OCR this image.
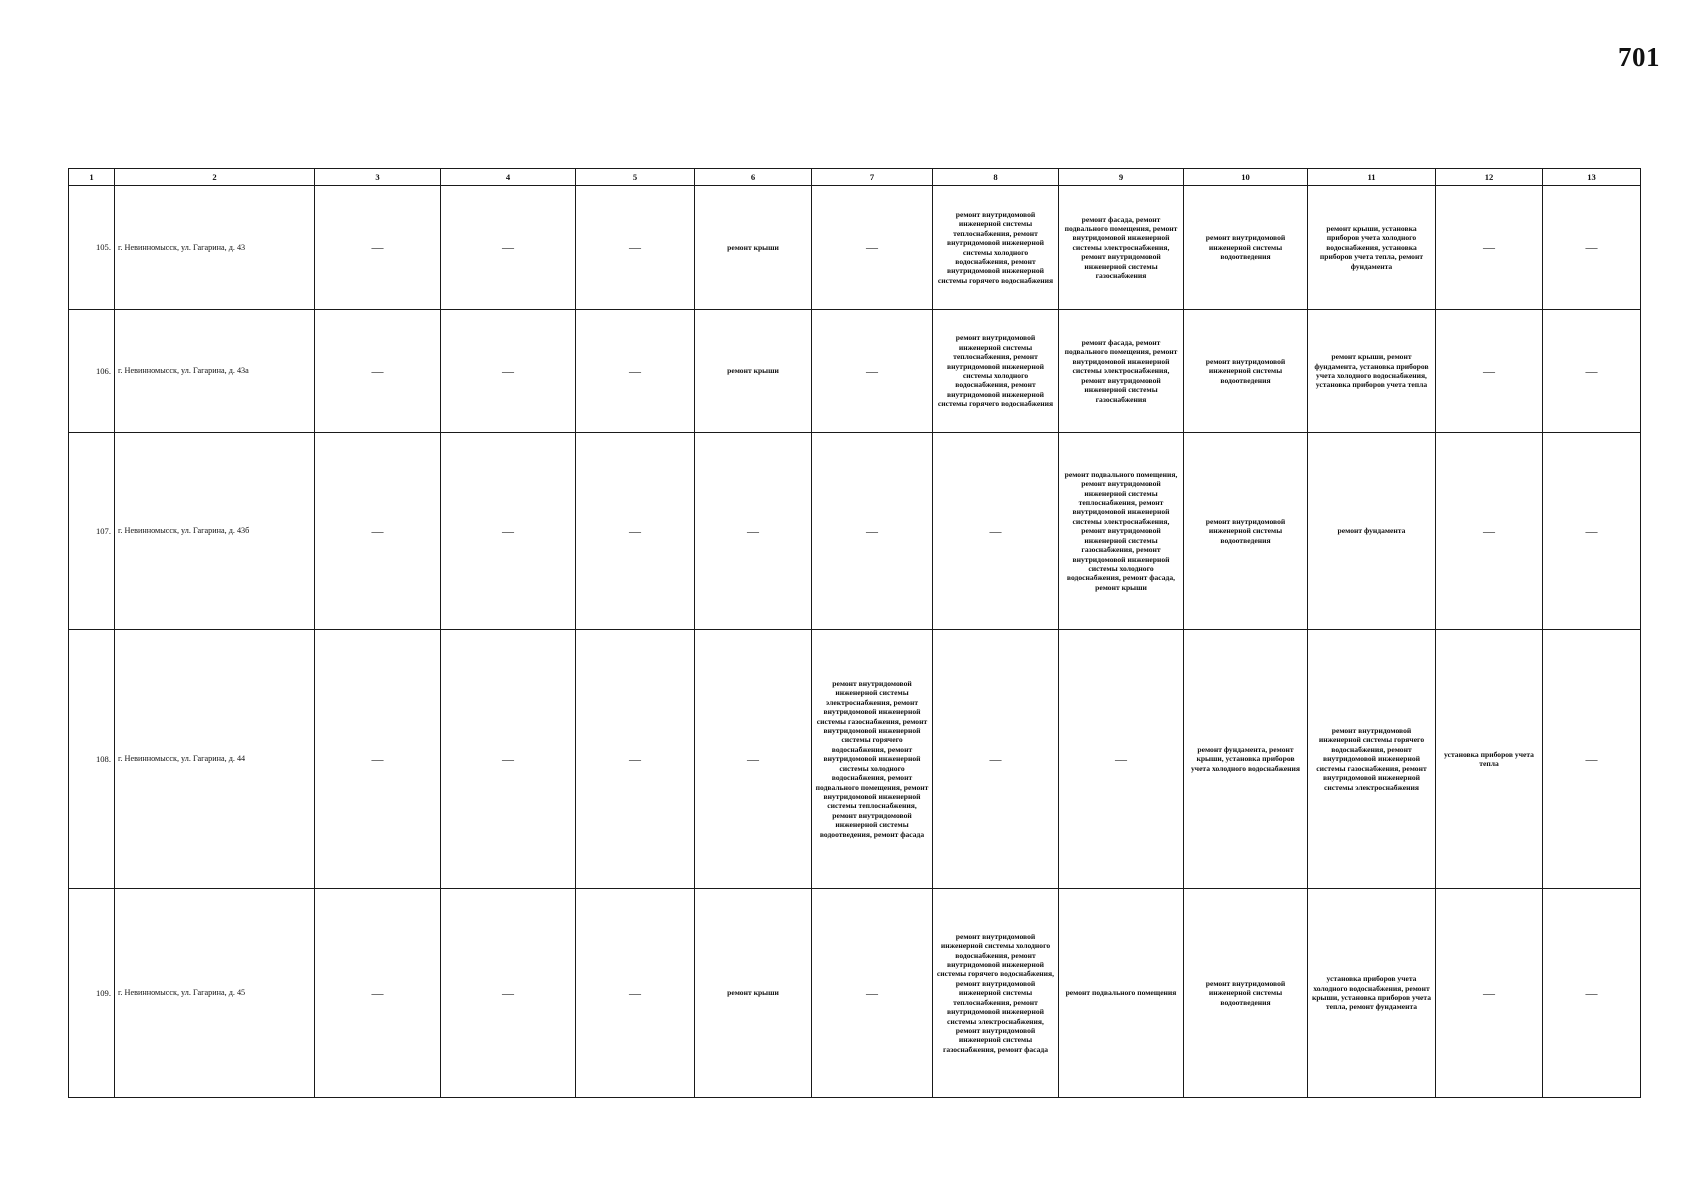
701
1	2	3	4	5	6	7	8	9	10	11	12	13
105.	г. Невинномысск, ул. Гагарина, д. 43	—	—	—	ремонт крыши	—	ремонт внутридомовой инженерной системы теплоснабжения, ремонт внутридомовой инженерной системы холодного водоснабжения, ремонт внутридомовой инженерной системы горячего водоснабжения	ремонт фасада, ремонт подвального помещения, ремонт внутридомовой инженерной системы электроснабжения, ремонт внутридомовой инженерной системы газоснабжения	ремонт внутридомовой инженерной системы водоотведения	ремонт крыши, установка приборов учета холодного водоснабжения, установка приборов учета тепла, ремонт фундамента	—	—
106.	г. Невинномысск, ул. Гагарина, д. 43а	—	—	—	ремонт крыши	—	ремонт внутридомовой инженерной системы теплоснабжения, ремонт внутридомовой инженерной системы холодного водоснабжения, ремонт внутридомовой инженерной системы горячего водоснабжения	ремонт фасада, ремонт подвального помещения, ремонт внутридомовой инженерной системы электроснабжения, ремонт внутридомовой инженерной системы газоснабжения	ремонт внутридомовой инженерной системы водоотведения	ремонт крыши, ремонт фундамента, установка приборов учета холодного водоснабжения, установка приборов учета тепла	—	—
107.	г. Невинномысск, ул. Гагарина, д. 43б	—	—	—	—	—	—	ремонт подвального помещения, ремонт внутридомовой инженерной системы теплоснабжения, ремонт внутридомовой инженерной системы электроснабжения, ремонт внутридомовой инженерной системы газоснабжения, ремонт внутридомовой инженерной системы холодного водоснабжения, ремонт фасада, ремонт крыши	ремонт внутридомовой инженерной системы водоотведения	ремонт фундамента	—	—
108.	г. Невинномысск, ул. Гагарина, д. 44	—	—	—	—	ремонт внутридомовой инженерной системы электроснабжения, ремонт внутридомовой инженерной системы газоснабжения, ремонт внутридомовой инженерной системы горячего водоснабжения, ремонт внутридомовой инженерной системы холодного водоснабжения, ремонт подвального помещения, ремонт внутридомовой инженерной системы теплоснабжения, ремонт внутридомовой инженерной системы водоотведения, ремонт фасада	—	—	ремонт фундамента, ремонт крыши, установка приборов учета холодного водоснабжения	ремонт внутридомовой инженерной системы горячего водоснабжения, ремонт внутридомовой инженерной системы газоснабжения, ремонт внутридомовой инженерной системы электроснабжения	установка приборов учета тепла	—
109.	г. Невинномысск, ул. Гагарина, д. 45	—	—	—	ремонт крыши	—	ремонт внутридомовой инженерной системы холодного водоснабжения, ремонт внутридомовой инженерной системы горячего водоснабжения, ремонт внутридомовой инженерной системы теплоснабжения, ремонт внутридомовой инженерной системы электроснабжения, ремонт внутридомовой инженерной системы газоснабжения, ремонт фасада	ремонт подвального помещения	ремонт внутридомовой инженерной системы водоотведения	установка приборов учета холодного водоснабжения, ремонт крыши, установка приборов учета тепла, ремонт фундамента	—	—
